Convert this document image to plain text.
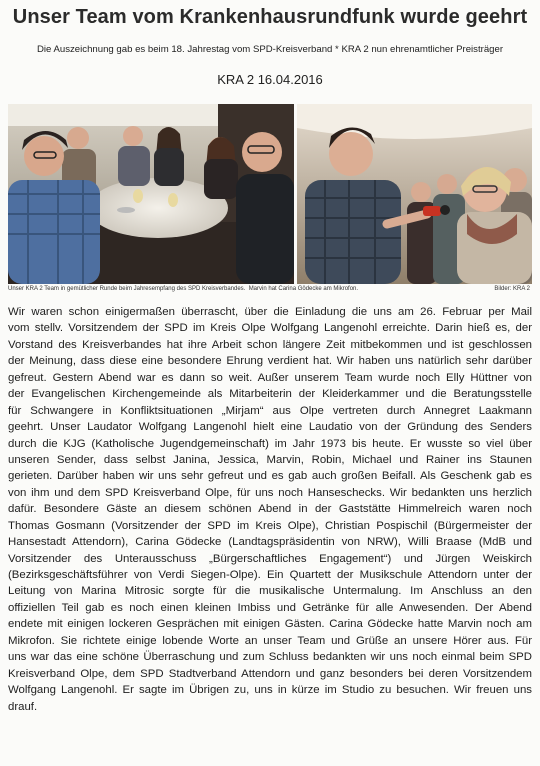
Unser Team vom Krankenhausrundfunk wurde geehrt
Die Auszeichnung gab es beim 18. Jahrestag vom SPD-Kreisverband * KRA 2 nun ehrenamtlicher Preisträger
KRA 2 16.04.2016
Unser KRA 2 Team in gemütlicher Runde beim Jahresempfang des SPD Kreisverbandes. Marvin hat Carina Gödecke am Mikrofon.	Bilder: KRA 2
Wir waren schon einigermaßen überrascht, über die Einladung die uns am 26. Februar per Mail
vom stellv. Vorsitzendem der SPD im Kreis Olpe Wolfgang Langenohl erreichte. Darin hieß es, der
Vorstand des Kreisverbandes hat ihre Arbeit schon längere Zeit mitbekommen und ist geschlossen
der Meinung, dass diese eine besondere Ehrung verdient hat. Wir haben uns natürlich sehr darüber
gefreut. Gestern Abend war es dann so weit. Außer unserem Team wurde noch Elly Hüttner von
der Evangelischen Kirchengemeinde als Mitarbeiterin der Kleiderkammer und die Beratungsstelle
für Schwangere in Konfliktsituationen „Mirjam“ aus Olpe vertreten durch Annegret Laakmann
geehrt. Unser Laudator Wolfgang Langenohl hielt eine Laudatio von der Gründung des Senders
durch die KJG (Katholische Jugendgemeinschaft) im Jahr 1973 bis heute. Er wusste so viel über
unseren Sender, dass selbst Janina, Jessica, Marvin, Robin, Michael und Rainer ins Staunen
gerieten. Darüber haben wir uns sehr gefreut und es gab auch großen Beifall. Als Geschenk gab es
von ihm und dem SPD Kreisverband Olpe, für uns noch Hanseschecks. Wir bedankten uns herzlich
dafür. Besondere Gäste an diesem schönen Abend in der Gaststätte Himmelreich waren noch
Thomas Gosmann (Vorsitzender der SPD im Kreis Olpe), Christian Pospischil (Bürgermeister der
Hansestadt Attendorn), Carina Gödecke (Landtagspräsidentin von NRW), Willi Braase (MdB und
Vorsitzender des Unterausschuss „Bürgerschaftliches Engagement“) und Jürgen Weiskirch
(Bezirksgeschäftsführer von Verdi Siegen-Olpe). Ein Quartett der Musikschule Attendorn unter der
Leitung von Marina Mitrosic sorgte für die musikalische Untermalung. Im Anschluss an den
offiziellen Teil gab es noch einen kleinen Imbiss und Getränke für alle Anwesenden. Der Abend
endete mit einigen lockeren Gesprächen mit einigen Gästen. Carina Gödecke hatte Marvin noch am
Mikrofon. Sie richtete einige lobende Worte an unser Team und Grüße an unsere Hörer aus. Für
uns war das eine schöne Überraschung und zum Schluss bedankten wir uns noch einmal beim SPD
Kreisverband Olpe, dem SPD Stadtverband Attendorn und ganz besonders bei deren Vorsitzendem
Wolfgang Langenohl. Er sagte im Übrigen zu, uns in kürze im Studio zu besuchen. Wir freuen uns
drauf.
